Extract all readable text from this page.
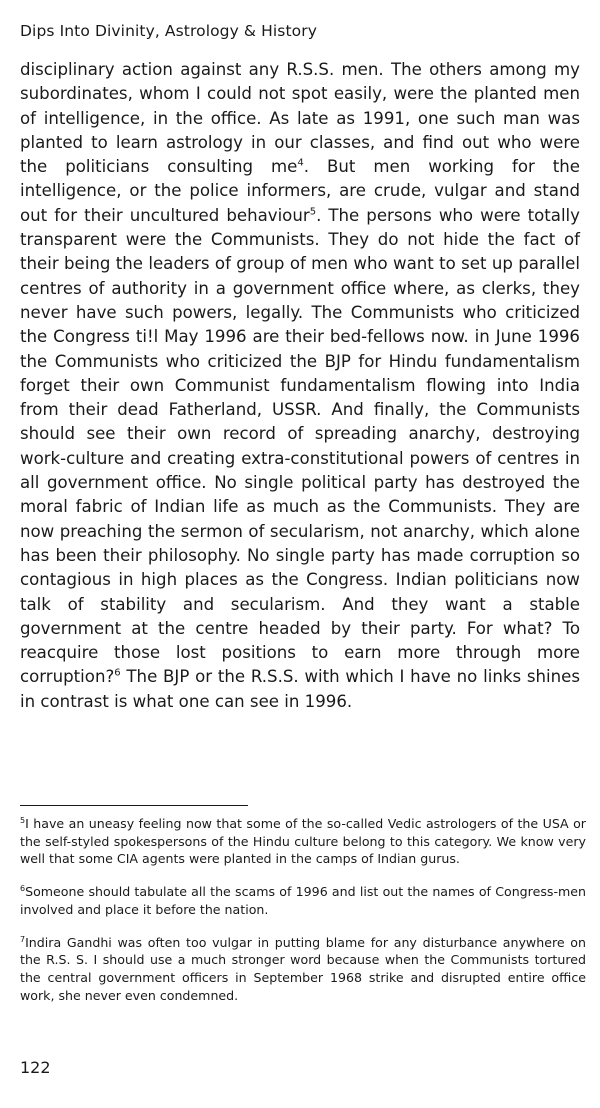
Dips Into Divinity, Astrology & History

disciplinary action against any R.S.S. men. The others among my subordinates, whom I could not spot easily, were the planted men of intelligence, in the office. As late as 1991, one such man was planted to learn astrology in our classes, and find out who were the politicians consulting $me^4$. But men working for the intelligence, or the police informers, are crude, vulgar and stand out for their uncultured behaviour$^5$. The persons who were totally transparent were the Communists. They do not hide the fact of their being the leaders of group of men who want to set up parallel centres of authority in a government office where, as clerks, they never have such powers, legally. The Communists who criticized the Congress ti!l May 1996 are their bed-fellows now. in June 1996 the Communists who criticized the BJP for Hindu fundamentalism forget their own Communist fundamentalism flowing into India from their dead Fatherland, USSR. And finally, the Communists should see their own record of spreading anarchy, destroying work-culture and creating extra-constitutional powers of centres in all government office. No single political party has destroyed the moral fabric of Indian life as much as the Communists. They are now preaching the sermon of secularism, not anarchy, which alone has been their philosophy. No single party has made corruption so contagious in high places as the Congress. Indian politicians now talk of stability and secularism. And they want a stable government at the centre headed by their party. For what? To reacquire those lost positions to earn more through more corruption?$^6$ The BJP or the R.S.S. with which I have no links shines in contrast is what one can see in 1996.

$^5$I have an uneasy feeling now that some of the so-called Vedic astrologers of the USA or the self-styled spokespersons of the Hindu culture belong to this category. We know very well that some CIA agents were planted in the camps of Indian gurus.

$^6$Someone should tabulate all the scams of 1996 and list out the names of Congress-men involved and place it before the nation.

$^7$Indira Gandhi was often too vulgar in putting blame for any disturbance anywhere on the R.S. S. I should use a much stronger word because when the Communists tortured the central government officers in September 1968 strike and disrupted entire office work, she never even condemned.

122
